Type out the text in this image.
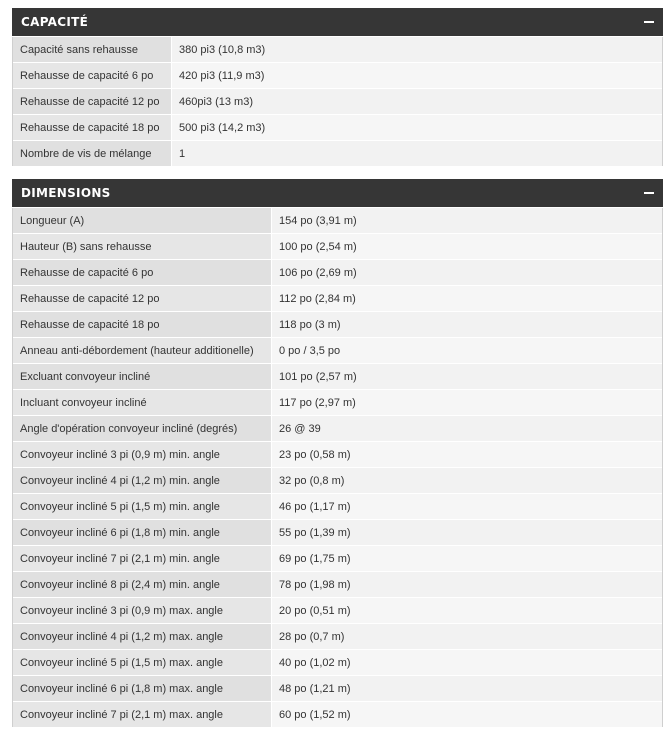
CAPACITÉ
Capacité sans rehausse	380 pi3 (10,8 m3)
Rehausse de capacité 6 po	420 pi3 (11,9 m3)
Rehausse de capacité 12 po	460pi3 (13 m3)
Rehausse de capacité 18 po	500 pi3 (14,2 m3)
Nombre de vis de mélange	1
DIMENSIONS
Longueur (A)	154 po (3,91 m)
Hauteur (B) sans rehausse	100 po (2,54 m)
Rehausse de capacité 6 po	106 po (2,69 m)
Rehausse de capacité 12 po	112 po (2,84 m)
Rehausse de capacité 18 po	118 po (3 m)
Anneau anti-débordement (hauteur additionelle)	0 po / 3,5 po
Excluant convoyeur incliné	101 po (2,57 m)
Incluant convoyeur incliné	117 po (2,97 m)
Angle d'opération convoyeur incliné (degrés)	26 @ 39
Convoyeur incliné 3 pi (0,9 m) min. angle	23 po (0,58 m)
Convoyeur incliné 4 pi (1,2 m) min. angle	32 po (0,8 m)
Convoyeur incliné 5 pi (1,5 m) min. angle	46 po (1,17 m)
Convoyeur incliné 6 pi (1,8 m) min. angle	55 po (1,39 m)
Convoyeur incliné 7 pi (2,1 m) min. angle	69 po (1,75 m)
Convoyeur incliné 8 pi (2,4 m) min. angle	78 po (1,98 m)
Convoyeur incliné 3 pi (0,9 m) max. angle	20 po (0,51 m)
Convoyeur incliné 4 pi (1,2 m) max. angle	28 po (0,7 m)
Convoyeur incliné 5 pi (1,5 m) max. angle	40 po (1,02 m)
Convoyeur incliné 6 pi (1,8 m) max. angle	48 po (1,21 m)
Convoyeur incliné 7 pi (2,1 m) max. angle	60 po (1,52 m)
